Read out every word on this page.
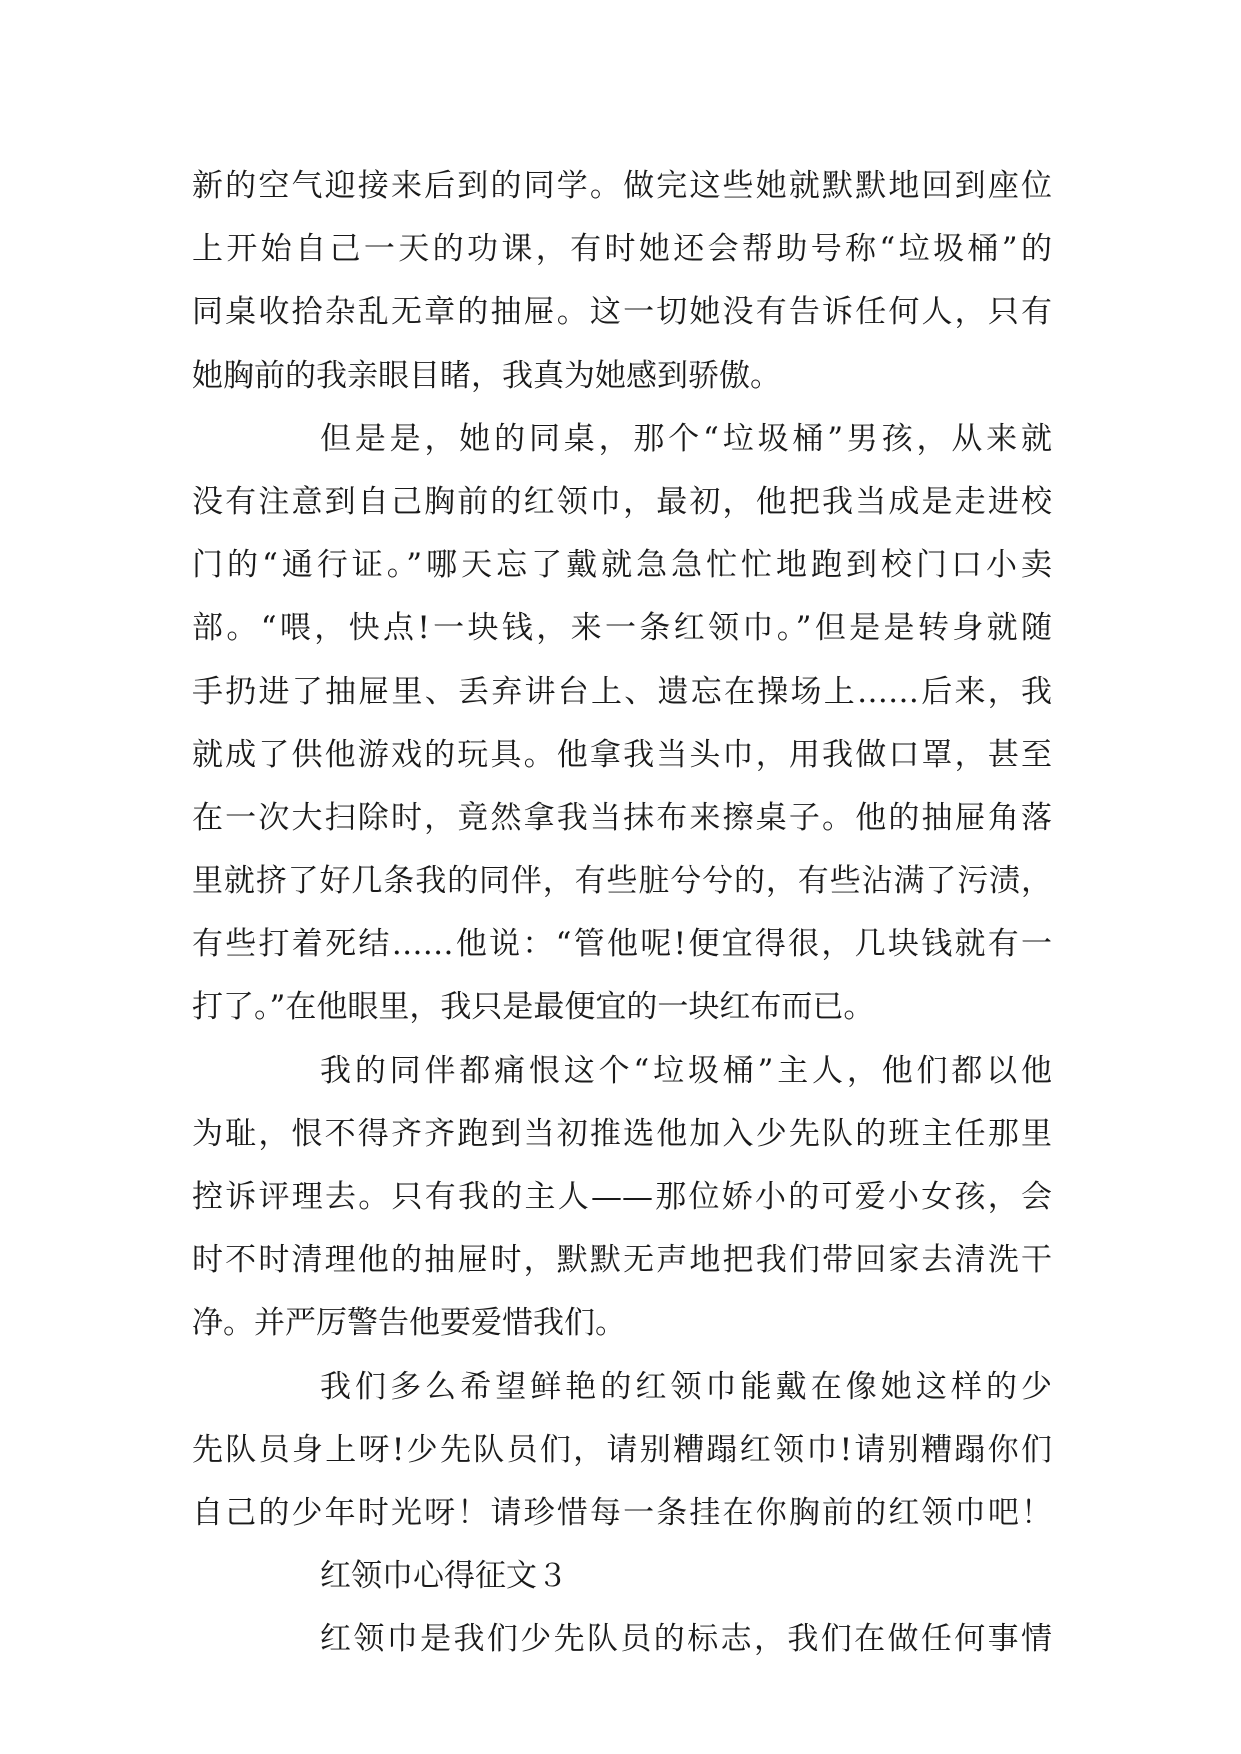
新的空气迎接来后到的同学。做完这些她就默默地回到座位
上开始自己一天的功课，有时她还会帮助号称“垃圾桶”的
同桌收拾杂乱无章的抽屉。这一切她没有告诉任何人，只有
她胸前的我亲眼目睹，我真为她感到骄傲。
但是是，她的同桌，那个“垃圾桶”男孩，从来就
没有注意到自己胸前的红领巾，最初，他把我当成是走进校
门的“通行证。”哪天忘了戴就急急忙忙地跑到校门口小卖
部。“喂，快点!一块钱，来一条红领巾。”但是是转身就随
手扔进了抽屉里、丢弃讲台上、遗忘在操场上……后来，我
就成了供他游戏的玩具。他拿我当头巾，用我做口罩，甚至
在一次大扫除时，竟然拿我当抹布来擦桌子。他的抽屉角落
里就挤了好几条我的同伴，有些脏兮兮的，有些沾满了污渍，
有些打着死结……他说：“管他呢!便宜得很，几块钱就有一
打了。”在他眼里，我只是最便宜的一块红布而已。
我的同伴都痛恨这个“垃圾桶”主人，他们都以他
为耻，恨不得齐齐跑到当初推选他加入少先队的班主任那里
控诉评理去。只有我的主人——那位娇小的可爱小女孩，会
时不时清理他的抽屉时，默默无声地把我们带回家去清洗干
净。并严厉警告他要爱惜我们。
我们多么希望鲜艳的红领巾能戴在像她这样的少
先队员身上呀!少先队员们，请别糟蹋红领巾!请别糟蹋你们
自己的少年时光呀！请珍惜每一条挂在你胸前的红领巾吧！
红领巾心得征文３
红领巾是我们少先队员的标志，我们在做任何事情
